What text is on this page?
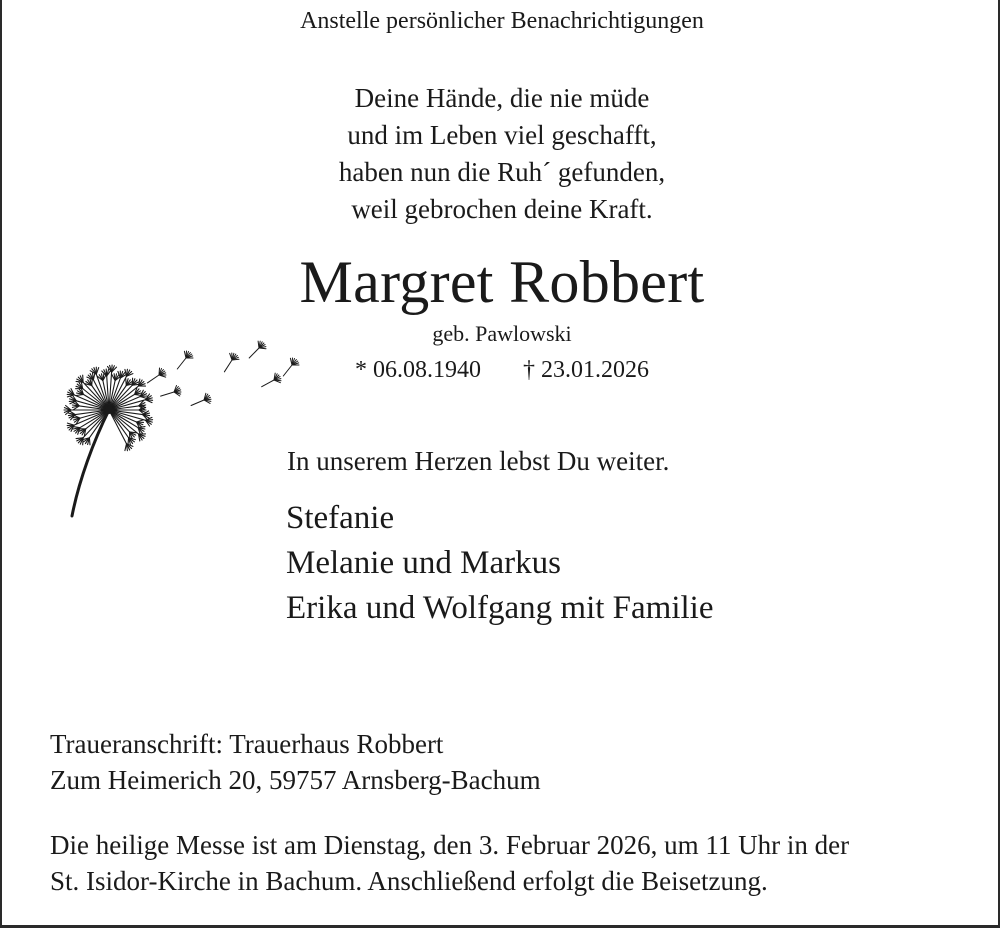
Anstelle persönlicher Benachrichtigungen
Deine Hände, die nie müde
und im Leben viel geschafft,
haben nun die Ruh´ gefunden,
weil gebrochen deine Kraft.
Margret Robbert
geb. Pawlowski
* 06.08.1940 † 23.01.2026
In unserem Herzen lebst Du weiter.
Stefanie
Melanie und Markus
Erika und Wolfgang mit Familie
Traueranschrift: Trauerhaus Robbert
Zum Heimerich 20, 59757 Arnsberg-Bachum
Die heilige Messe ist am Dienstag, den 3. Februar 2026, um 11 Uhr in der
St. Isidor-Kirche in Bachum. Anschließend erfolgt die Beisetzung.
